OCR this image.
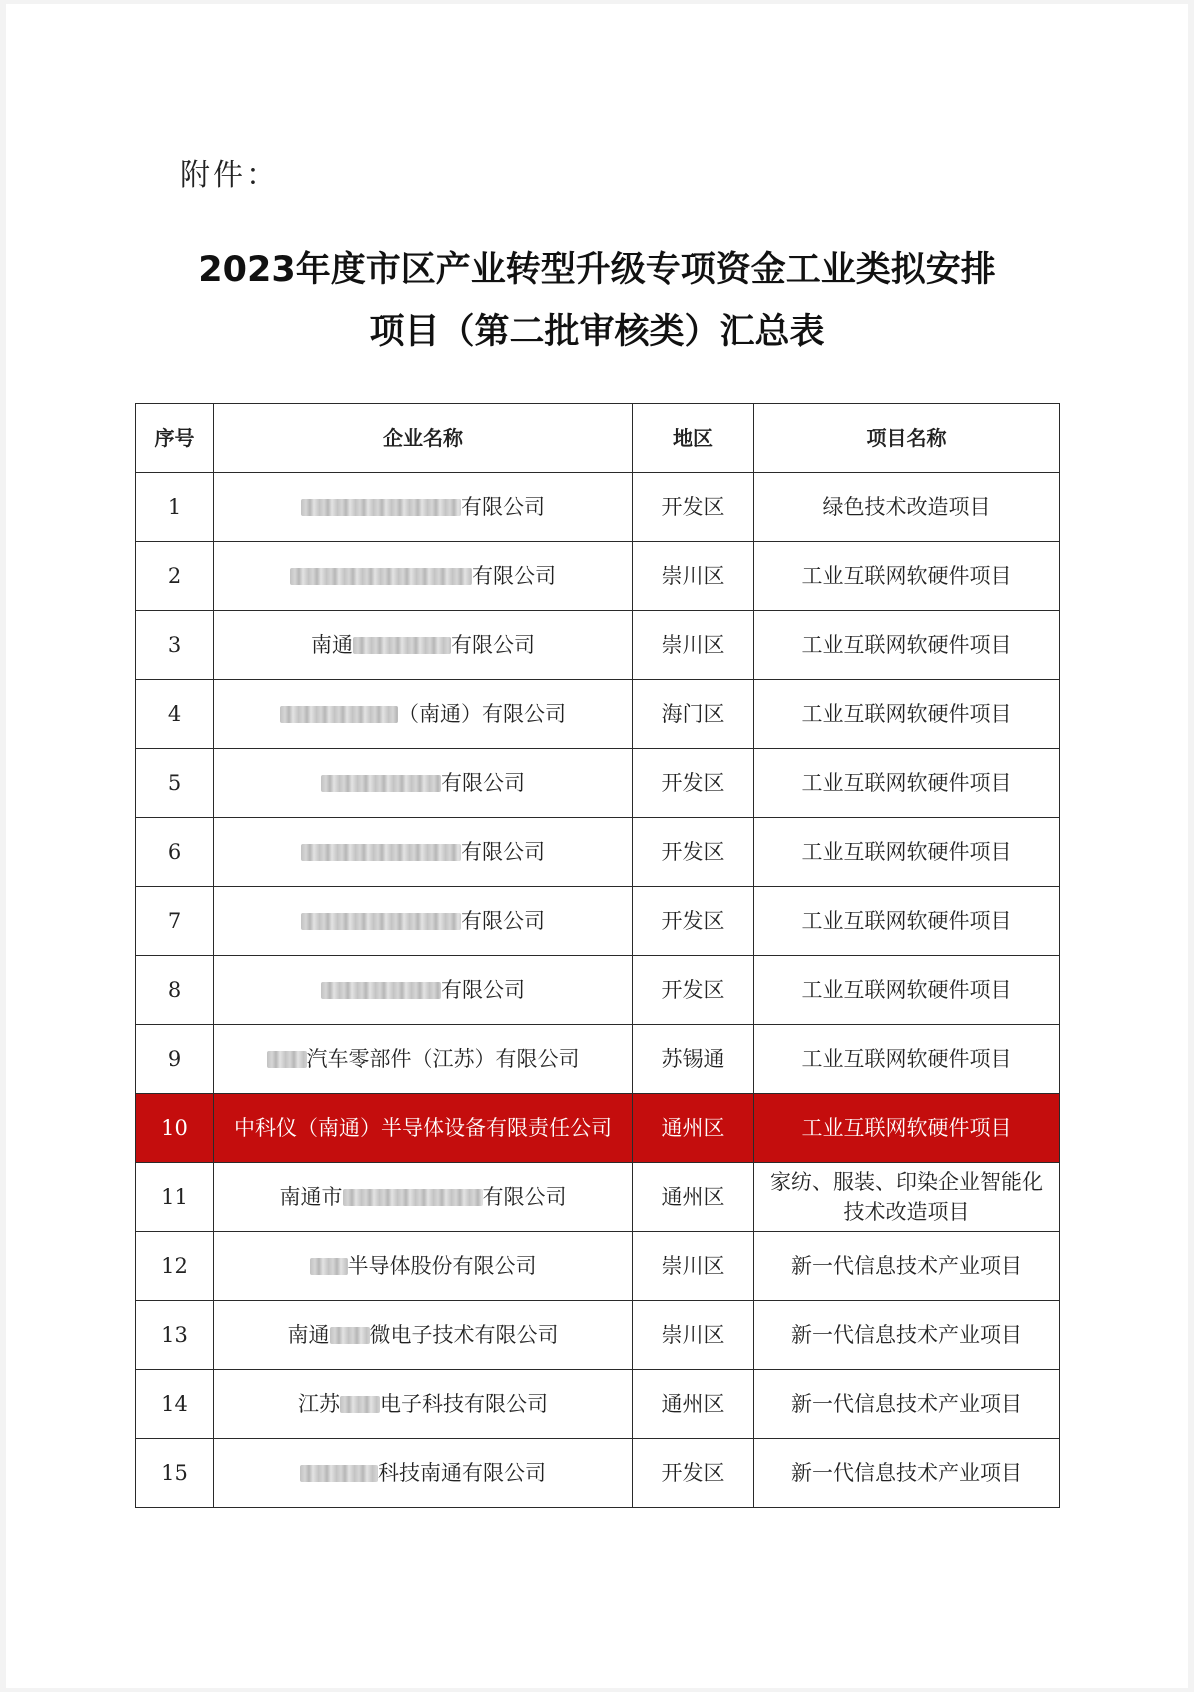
附件：
2023年度市区产业转型升级专项资金工业类拟安排
项目（第二批审核类）汇总表
序号	企业名称	地区	项目名称
1	有限公司	开发区	绿色技术改造项目
2	有限公司	崇川区	工业互联网软硬件项目
3	南通 有限公司	崇川区	工业互联网软硬件项目
4	（南通）有限公司	海门区	工业互联网软硬件项目
5	有限公司	开发区	工业互联网软硬件项目
6	有限公司	开发区	工业互联网软硬件项目
7	有限公司	开发区	工业互联网软硬件项目
8	有限公司	开发区	工业互联网软硬件项目
9	汽车零部件（江苏）有限公司	苏锡通	工业互联网软硬件项目
10	中科仪（南通）半导体设备有限责任公司	通州区	工业互联网软硬件项目
11	南通市 有限公司	通州区	家纺、服装、印染企业智能化技术改造项目
12	半导体股份有限公司	崇川区	新一代信息技术产业项目
13	南通 微电子技术有限公司	崇川区	新一代信息技术产业项目
14	江苏 电子科技有限公司	通州区	新一代信息技术产业项目
15	科技南通有限公司	开发区	新一代信息技术产业项目
